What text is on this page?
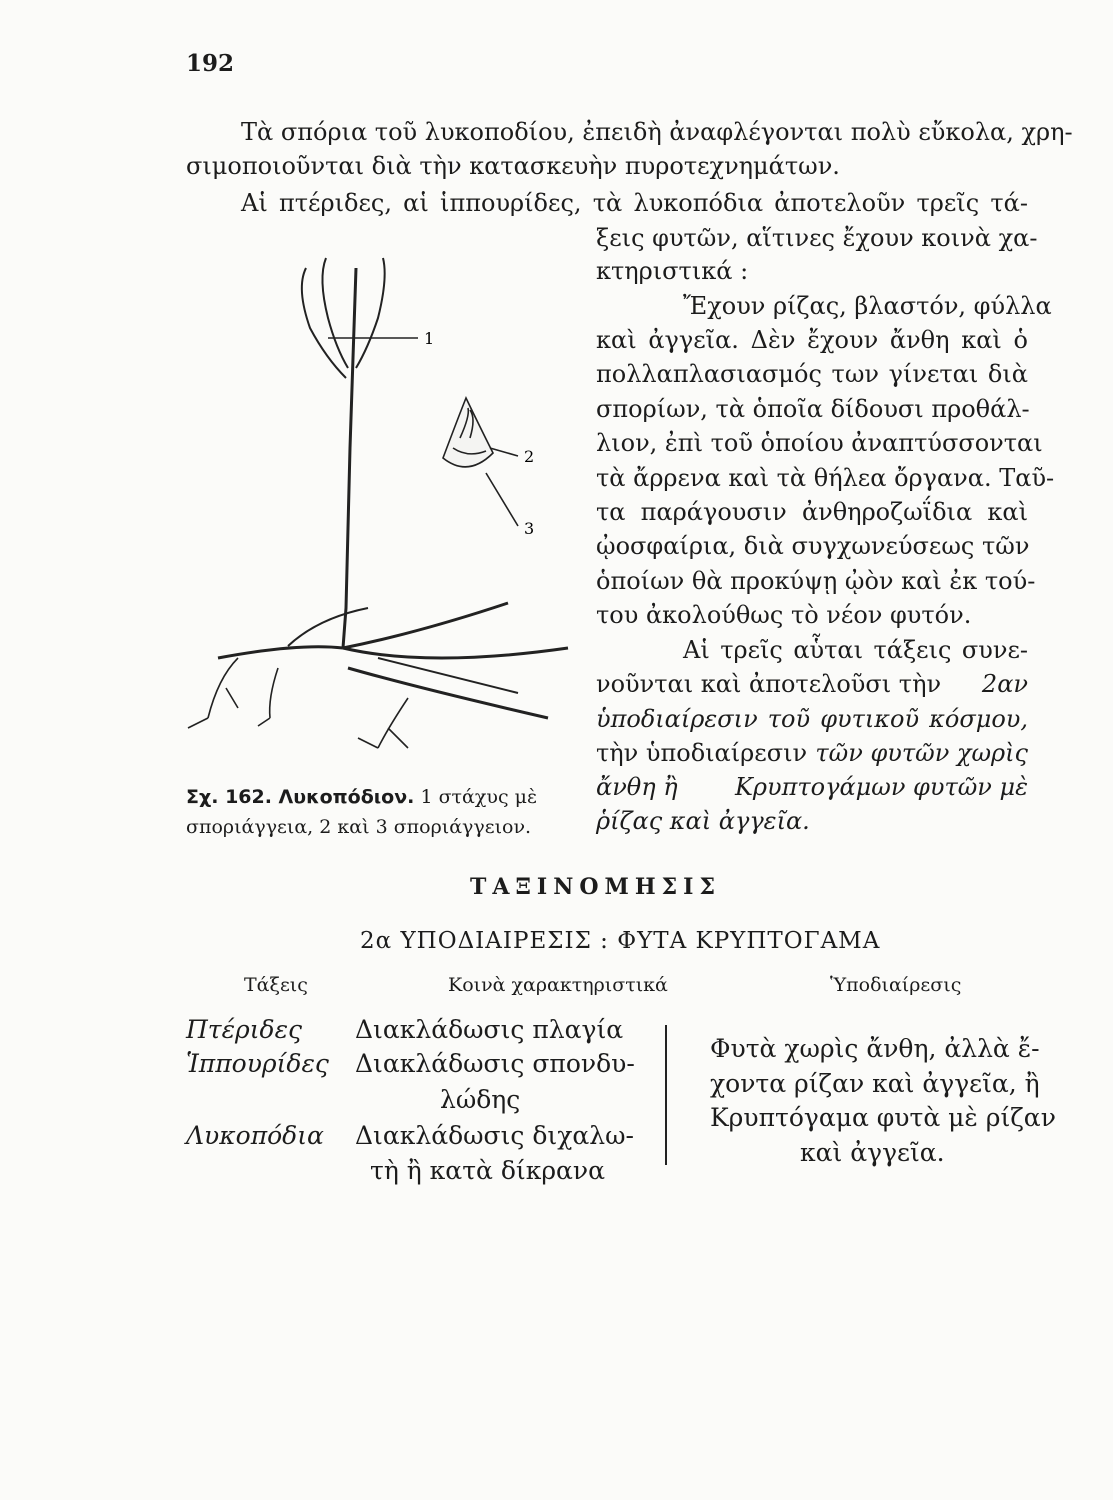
192
Τὰ σπόρια τοῦ λυκοποδίου, ἐπειδὴ ἀναφλέγονται πολὺ εὔκολα, χρη-
σιμοποιοῦνται διὰ τὴν κατασκευὴν πυροτεχνημάτων.
Αἱ πτέριδες, αἱ ἱππουρίδες, τὰ λυκοπόδια ἀποτελοῦν τρεῖς τά-
ξεις φυτῶν, αἵτινες ἔχουν κοινὰ χα-
κτηριστικά :
Ἔχουν ρίζας, βλαστόν, φύλλα
καὶ ἀγγεῖα. Δὲν ἔχουν ἄνθη καὶ ὁ
πολλαπλασιασμός των γίνεται διὰ
σπορίων, τὰ ὁποῖα δίδουσι προθάλ-
λιον, ἐπὶ τοῦ ὁποίου ἀναπτύσσονται
τὰ ἄρρενα καὶ τὰ θήλεα ὄργανα. Ταῦ-
τα παράγουσιν ἀνθηροζωΐδια καὶ
ᾠοσφαίρια, διὰ συγχωνεύσεως τῶν
ὁποίων θὰ προκύψῃ ᾠὸν καὶ ἐκ τού-
του ἀκολούθως τὸ νέον φυτόν.
Αἱ τρεῖς αὗται τάξεις συνε-
νοῦνται καὶ ἀποτελοῦσι τὴν 2αν
ὑποδιαίρεσιν τοῦ φυτικοῦ κόσμου,
τὴν ὑποδιαίρεσιν τῶν φυτῶν χωρὶς
ἄνθη ἢ Κρυπτογάμων φυτῶν μὲ
ῥίζας καὶ ἀγγεῖα.
1
2
3
Σχ. 162. Λυκοπόδιον. 1 στάχυς μὲ
σποριάγγεια, 2 καὶ 3 σποριάγγειον.
ΤΑΞΙΝΟΜΗΣΙΣ
2α ΥΠΟΔΙΑΙΡΕΣΙΣ : ΦΥΤΑ ΚΡΥΠΤΟΓΑΜΑ
Τάξεις	Κοινὰ χαρακτηριστικά	Ὑποδιαίρεσις
Πτέριδες
Ἱππουρίδες
Λυκοπόδια
Διακλάδωσις πλαγία
Διακλάδωσις σπονδυ-
λώδης
Διακλάδωσις διχαλω-
τὴ ἢ κατὰ δίκρανα
Φυτὰ χωρὶς ἄνθη, ἀλλὰ ἔ-
χοντα ρίζαν καὶ ἀγγεῖα, ἢ
Κρυπτόγαμα φυτὰ μὲ ρίζαν
καὶ ἀγγεῖα.
